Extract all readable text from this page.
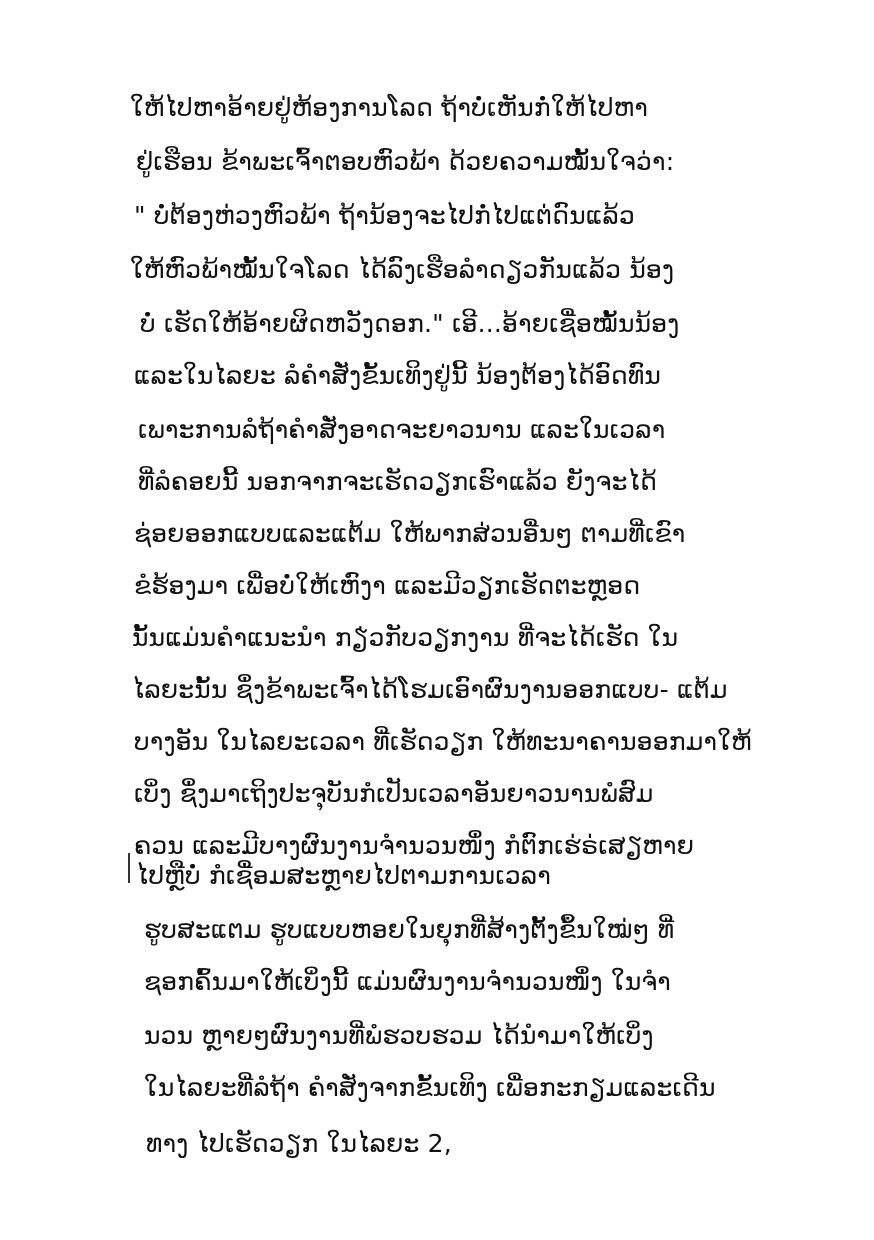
ໃຫ້ໄປຫາອ້າຍຢູ່ຫ້ອງການໂລດ ຖ້າບໍ່ເຫັນກໍ່ໃຫ້ໄປຫາ
ຢູ່ເຮືອນ ຂ້າພະເຈົ້າຕອບຫົວພ້າ ດ້ວຍຄວາມໝັ້ນໃຈວ່າ:
" ບໍ່ຕ້ອງຫ່ວງຫົວພ້າ ຖ້ານ້ອງຈະໄປກໍ່ໄປແຕ່ດົນແລ້ວ
ໃຫ້ຫົວພ້າໝັ້ນໃຈໂລດ ໄດ້ລົງເຮືອລຳດຽວກັນແລ້ວ ນ້ອງ
ບໍ່ ເຮັດໃຫ້ອ້າຍຜິດຫວັງດອກ." ເອີ...ອ້າຍເຊື່ອໝັ້ນນ້ອງ
ແລະໃນໄລຍະ ລໍຄຳສັ່ງຂັ້ນເທິງຢູ່ນີ້ ນ້ອງຕ້ອງໄດ້ອົດທົນ
ເພາະການລໍຖ້າຄຳສັ່ງອາດຈະຍາວນານ ແລະໃນເວລາ
ທີ່ລໍຄອຍນີ້ ນອກຈາກຈະເຮັດວຽກເຮົາແລ້ວ ຍັງຈະໄດ້
ຊ່ອຍອອກແບບແລະແຕ້ມ ໃຫ້ພາກສ່ວນອື່ນໆ ຕາມທີ່ເຂົາ
ຂໍຮ້ອງມາ ເພື່ອບໍ່ໃຫ້ເຫົງາ ແລະມີວຽກເຮັດຕະຫຼອດ
ນັ້ນແມ່ນຄຳແນະນຳ ກຽ່ວກັບວຽກງານ ທີ່ຈະໄດ້ເຮັດ ໃນ
ໄລຍະນັ້ນ ຊຶ່ງຂ້າພະເຈົ້າໄດ້ໂຮມເອົາຜົນງານອອກແບບ- ແຕ້ມ
ບາງອັນ ໃນໄລຍະເວລາ ທີ່ເຮັດວຽກ ໃຫ້ທະນາຄານອອກມາໃຫ້
ເບິ່ງ ຊຶ່ງມາເຖິງປະຈຸບັນກໍເປັນເວລາອັນຍາວນານພໍສົມ
ຄວນ ແລະມີບາງຜົນງານຈຳນວນໜຶ່ງ ກໍຕົກເຮ່ຣ່ເສຽຫາຍ
ໄປຫຼືບໍ່ ກໍເຊື່ອມສະຫຼາຍໄປຕາມການເວລາ
ຮູບສະແຕມ ຮູບແບບຫອຍໃນຍຸກທີ່ສ້າງຕັ້ງຂຶ້ນໃໝ່ໆ ທີ່
ຊອກຄົ້ນມາໃຫ້ເບິ່ງນີ້ ແມ່ນຜົນງານຈຳນວນໜຶ່ງ ໃນຈຳ
ນວນ ຫຼາຍໆຜົນງານທີ່ພໍຮວບຮວມ ໄດ້ນຳມາໃຫ້ເບິ່ງ
ໃນໄລຍະທີ່ລໍຖ້າ ຄຳສັ່ງຈາກຂັ້ນເທິງ ເພື່ອກະກຽມແລະເດີນ
ທາງ ໄປເຮັດວຽກ ໃນໄລຍະ 2,
